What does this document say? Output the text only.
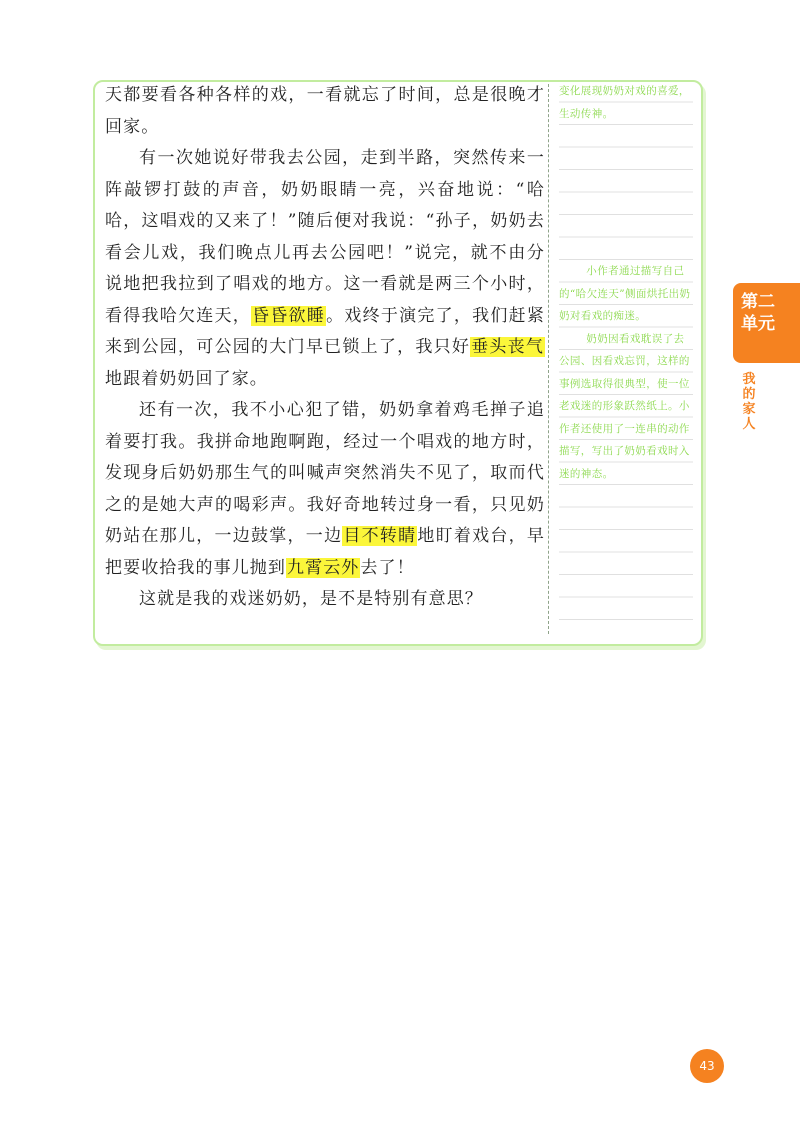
天都要看各种各样的戏，一看就忘了时间，总是很晚才回家。

有一次她说好带我去公园，走到半路，突然传来一阵敲锣打鼓的声音，奶奶眼睛一亮，兴奋地说：“哈哈，这唱戏的又来了！”随后便对我说：“孙子，奶奶去看会儿戏，我们晚点儿再去公园吧！”说完，就不由分说地把我拉到了唱戏的地方。这一看就是两三个小时，看得我哈欠连天，昏昏欲睡。戏终于演完了，我们赶紧来到公园，可公园的大门早已锁上了，我只好垂头丧气地跟着奶奶回了家。

还有一次，我不小心犯了错，奶奶拿着鸡毛掸子追着要打我。我拼命地跑啊跑，经过一个唱戏的地方时，发现身后奶奶那生气的叫喊声突然消失不见了，取而代之的是她大声的喝彩声。我好奇地转过身一看，只见奶奶站在那儿，一边鼓掌，一边目不转睛地盯着戏台，早把要收拾我的事儿抛到九霄云外去了！

这就是我的戏迷奶奶，是不是特别有意思？

变化展现奶奶对戏的喜爱，生动传神。

小作者通过描写自己的“哈欠连天”侧面烘托出奶奶对看戏的痴迷。

奶奶因看戏耽误了去公园、因看戏忘罚，这样的事例选取得很典型，使一位老戏迷的形象跃然纸上。小作者还使用了一连串的动作描写，写出了奶奶看戏时入迷的神态。

第二单元
我的家人
43
